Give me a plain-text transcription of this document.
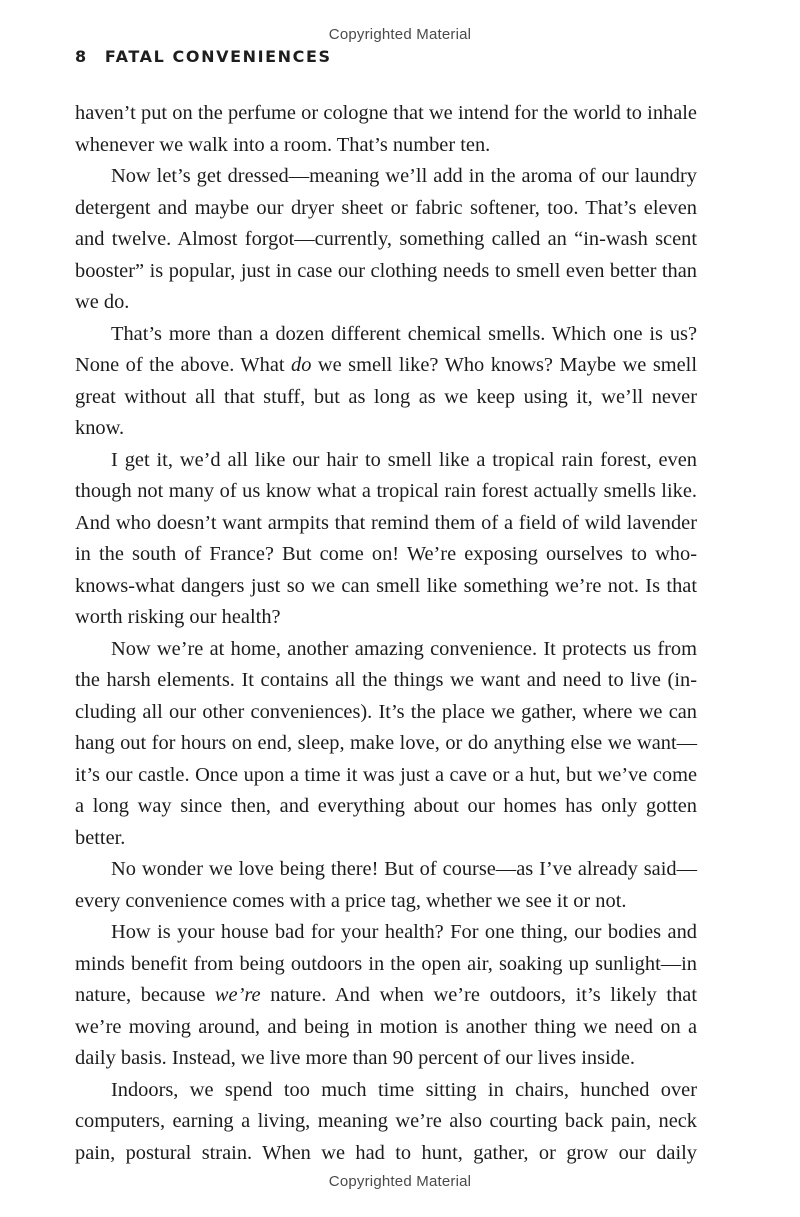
Copyrighted Material
8 FATAL CONVENIENCES

haven’t put on the perfume or cologne that we intend for the world to inhale whenever we walk into a room. That’s number ten.

Now let’s get dressed—meaning we’ll add in the aroma of our laundry detergent and maybe our dryer sheet or fabric softener, too. That’s eleven and twelve. Almost forgot—currently, something called an “in-wash scent booster” is popular, just in case our clothing needs to smell even better than we do.

That’s more than a dozen different chemical smells. Which one is us? None of the above. What do we smell like? Who knows? Maybe we smell great without all that stuff, but as long as we keep using it, we’ll never know.

I get it, we’d all like our hair to smell like a tropical rain forest, even though not many of us know what a tropical rain forest actually smells like. And who doesn’t want armpits that remind them of a field of wild lavender in the south of France? But come on! We’re exposing ourselves to who-knows-what dangers just so we can smell like something we’re not. Is that worth risking our health?

Now we’re at home, another amazing convenience. It protects us from the harsh elements. It contains all the things we want and need to live (including all our other conveniences). It’s the place we gather, where we can hang out for hours on end, sleep, make love, or do anything else we want—it’s our castle. Once upon a time it was just a cave or a hut, but we’ve come a long way since then, and everything about our homes has only gotten better.

No wonder we love being there! But of course—as I’ve already said—every convenience comes with a price tag, whether we see it or not.

How is your house bad for your health? For one thing, our bodies and minds benefit from being outdoors in the open air, soaking up sunlight—in nature, because we’re nature. And when we’re outdoors, it’s likely that we’re moving around, and being in motion is another thing we need on a daily basis. Instead, we live more than 90 percent of our lives inside.

Indoors, we spend too much time sitting in chairs, hunched over computers, earning a living, meaning we’re also courting back pain, neck pain, postural strain. When we had to hunt, gather, or grow our daily

Copyrighted Material
